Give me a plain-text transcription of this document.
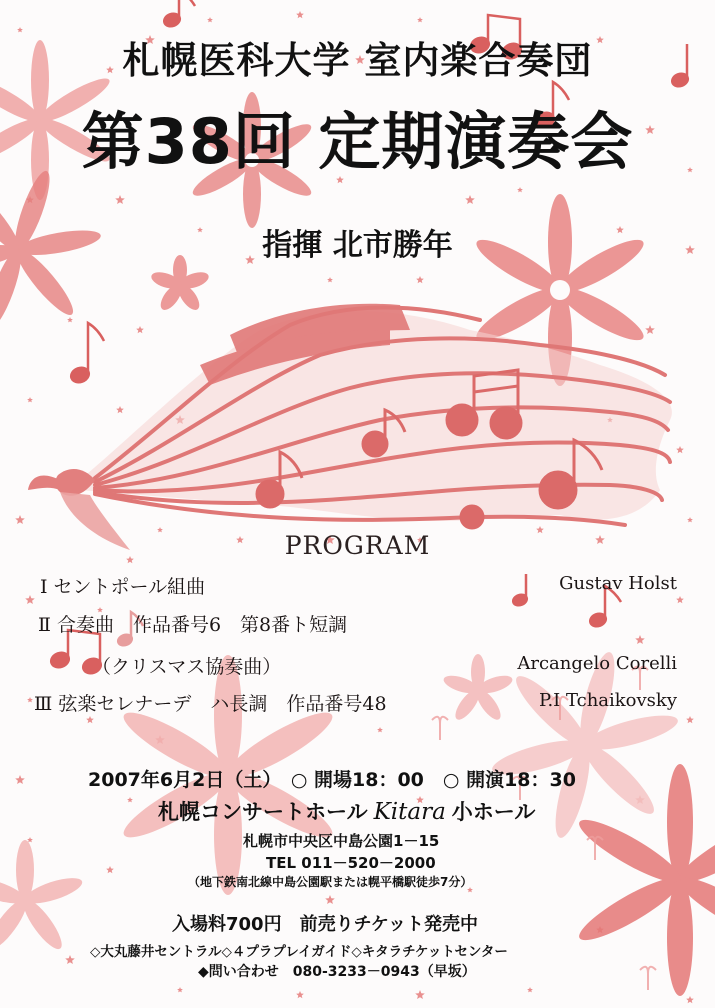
札幌医科大学 室内楽合奏団
第38回 定期演奏会
指揮 北市勝年
PROGRAM
Ⅰ セントポール組曲	Gustav Holst
Ⅱ 合奏曲　作品番号6　第8番ト短調
（クリスマス協奏曲）	Arcangelo Corelli
Ⅲ 弦楽セレナーデ　ハ長調　作品番号48	P.I Tchaikovsky
2007年6月2日（土）　○ 開場18：00　○ 開演18：30
札幌コンサートホール Kitara 小ホール
札幌市中央区中島公園1－15
TEL 011－520－2000
（地下鉄南北線中島公園駅または幌平橋駅徒歩7分）
入場料700円　前売りチケット発売中
◇大丸藤井セントラル◇４プラプレイガイド◇キタラチケットセンター
◆問い合わせ　080-3233－0943（早坂）
